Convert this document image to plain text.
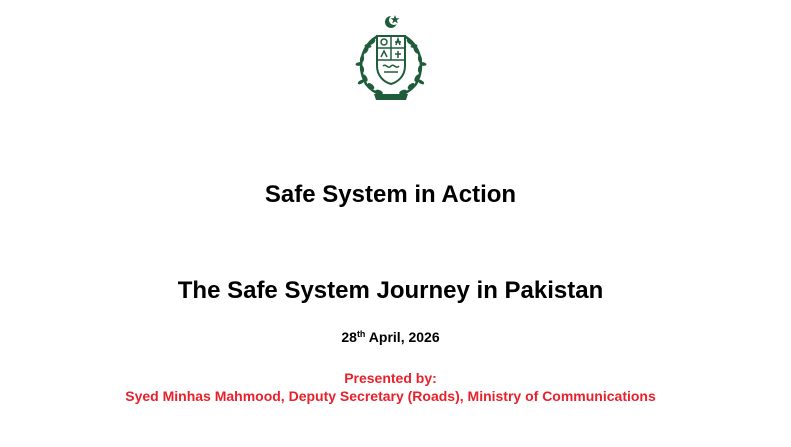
Safe System in Action
The Safe System Journey in Pakistan
28th April, 2026
Presented by:
Syed Minhas Mahmood, Deputy Secretary (Roads), Ministry of Communications
